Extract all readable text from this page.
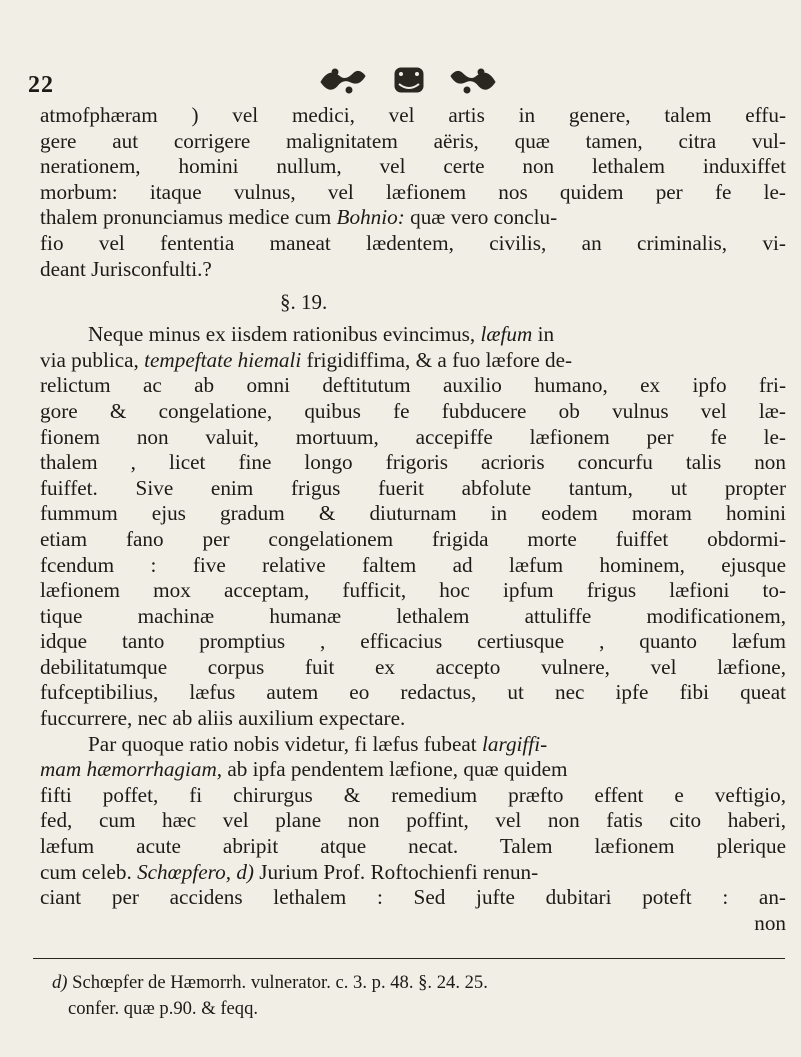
22
atmofphæram ) vel medici, vel artis in genere, talem effu-
gere aut corrigere malignitatem aëris, quæ tamen, citra vul-
nerationem, homini nullum, vel certe non lethalem induxiffet
morbum: itaque vulnus, vel læfionem nos quidem per fe le-
thalem pronunciamus medice cum Bohnio: quæ vero conclu-
fio vel fententia maneat lædentem, civilis, an criminalis, vi-
deant Jurisconfulti.?
§. 19.
Neque minus ex iisdem rationibus evincimus, læfum in
via publica, tempeftate hiemali frigidiffima, & a fuo læfore de-
relictum ac ab omni deftitutum auxilio humano, ex ipfo fri-
gore & congelatione, quibus fe fubducere ob vulnus vel læ-
fionem non valuit, mortuum, accepiffe læfionem per fe le-
thalem , licet fine longo frigoris acrioris concurfu talis non
fuiffet. Sive enim frigus fuerit abfolute tantum, ut propter
fummum ejus gradum & diuturnam in eodem moram homini
etiam fano per congelationem frigida morte fuiffet obdormi-
fcendum : five relative faltem ad læfum hominem, ejusque
læfionem mox acceptam, fufficit, hoc ipfum frigus læfioni to-
tique machinæ humanæ lethalem attuliffe modificationem,
idque tanto promptius , efficacius certiusque , quanto læfum
debilitatumque corpus fuit ex accepto vulnere, vel læfione,
fufceptibilius, læfus autem eo redactus, ut nec ipfe fibi queat
fuccurrere, nec ab aliis auxilium expectare.
Par quoque ratio nobis videtur, fi læfus fubeat largiffi-
mam hæmorrhagiam, ab ipfa pendentem læfione, quæ quidem
fifti poffet, fi chirurgus & remedium præfto effent e veftigio,
fed, cum hæc vel plane non poffint, vel non fatis cito haberi,
læfum acute abripit atque necat. Talem læfionem plerique
cum celeb. Schœpfero, d) Jurium Prof. Roftochienfi renun-
ciant per accidens lethalem : Sed jufte dubitari poteft : an-
non
d) Schœpfer de Hæmorrh. vulnerator. c. 3. p. 48. §. 24. 25.
confer. quæ p.90. & feqq.
